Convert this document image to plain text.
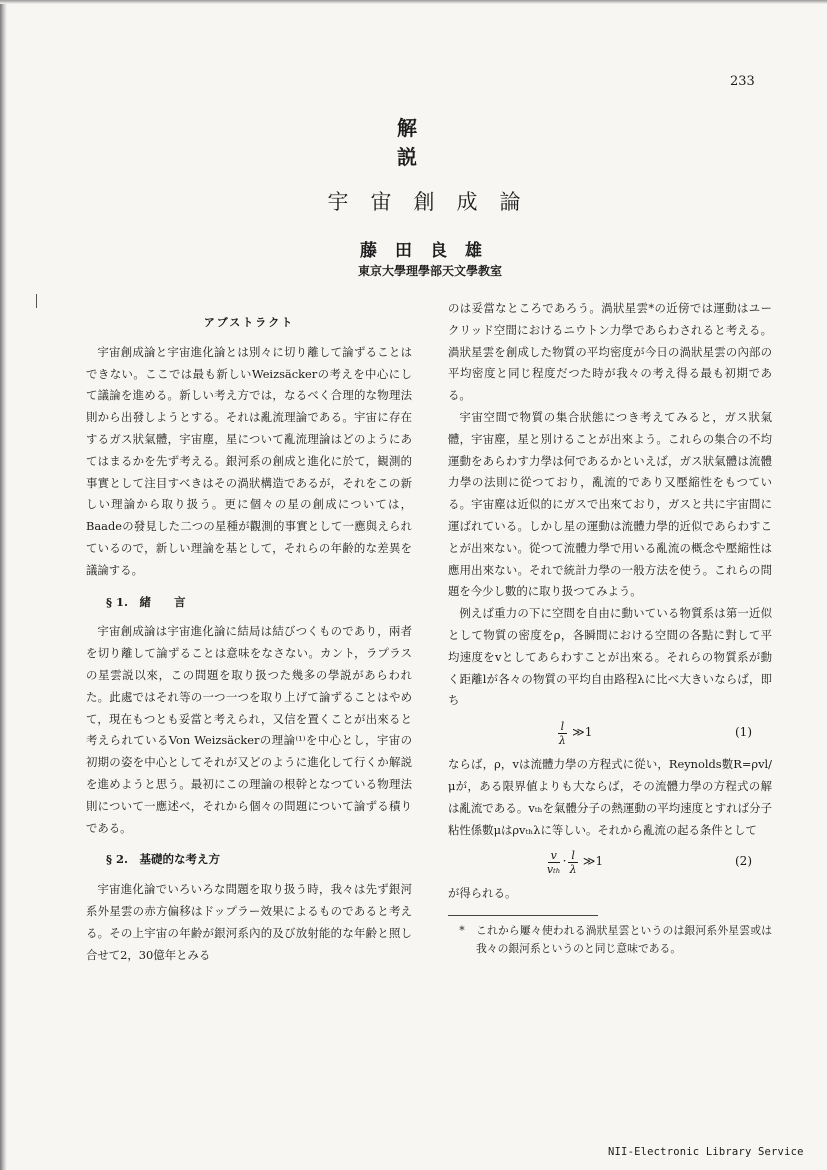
233
解　説
宇宙創成論
藤田良雄
東京大學理學部天文學教室
アブストラクト

宇宙創成論と宇宙進化論とは別々に切り離して論ずることはできない。ここでは最も新しいWeizsäckerの考えを中心にして議論を進める。新しい考え方では，なるべく合理的な物理法則から出發しようとする。それは亂流理論である。宇宙に存在するガス狀氣體，宇宙塵，星について亂流理論はどのようにあてはまるかを先ず考える。銀河系の創成と進化に於て，観測的事實として注目すべきはその渦狀構造であるが，それをこの新しい理論から取り扱う。更に個々の星の創成については，Baadeの發見した二つの星種が觀測的事實として一應與えられているので，新しい理論を基として，それらの年齢的な差異を議論する。

§ 1.　緒　　言

宇宙創成論は宇宙進化論に結局は結びつくものであり，兩者を切り離して論ずることは意味をなさない。カント，ラプラスの星雲説以來，この問題を取り扱つた幾多の學説があらわれた。此處ではそれ等の一つ一つを取り上げて論ずることはやめて，現在もつとも妥當と考えられ，又信を置くことが出來ると考えられているVon Weizsäckerの理論⁽¹⁾を中心とし，宇宙の初期の姿を中心としてそれが又どのように進化して行くか解説を進めようと思う。最初にこの理論の根幹となつている物理法則について一應述べ，それから個々の問題について論ずる積りである。

§ 2.　基礎的な考え方

宇宙進化論でいろいろな問題を取り扱う時，我々は先ず銀河系外星雲の赤方偏移はドップラー效果によるものであると考える。その上宇宙の年齢が銀河系內的及び放射能的な年齢と照し合せて2，30億年とみる

のは妥當なところであろう。渦狀星雲*の近傍では運動はユークリッド空間におけるニウトン力學であらわされると考える。渦狀星雲を創成した物質の平均密度が今日の渦狀星雲の內部の平均密度と同じ程度だつた時が我々の考え得る最も初期である。

宇宙空間で物質の集合狀態につき考えてみると，ガス狀氣體，宇宙塵，星と別けることが出來よう。これらの集合の不均運動をあらわす力學は何であるかといえば，ガス狀氣體は流體力學の法則に從つており，亂流的であり又壓縮性をもつている。宇宙塵は近似的にガスで出來ており，ガスと共に宇宙間に運ばれている。しかし星の運動は流體力學的近似であらわすことが出來ない。從つて流體力學で用いる亂流の概念や壓縮性は應用出來ない。それで統計力學の一般方法を使う。これらの問題を今少し數的に取り扱つてみよう。

例えば重力の下に空間を自由に動いている物質系は第一近似として物質の密度をρ，各瞬間における空間の各點に對して平均速度をvとしてあらわすことが出來る。それらの物質系が動く距離lが各々の物質の平均自由路程λに比べ大きいならば，即ち

$\frac{l}{\lambda}$ ≫1	(1)

ならば，ρ，vは流體力學の方程式に從い，Reynolds數R=ρvl/μが，ある限界値よりも大ならば，その流體力學の方程式の解は亂流である。vₜₕを氣體分子の熱運動の平均速度とすれば分子粘性係數μはρvₜₕλに等しい。それから亂流の起る条件として

$\frac{v}{\text{vₜₕ}} \cdot \frac{l}{\lambda}$ ≫1	(2)

が得られる。

*	これから屢々使われる渦狀星雲というのは銀河系外星雲或は我々の銀河系というのと同じ意味である。
NII-Electronic Library Service
